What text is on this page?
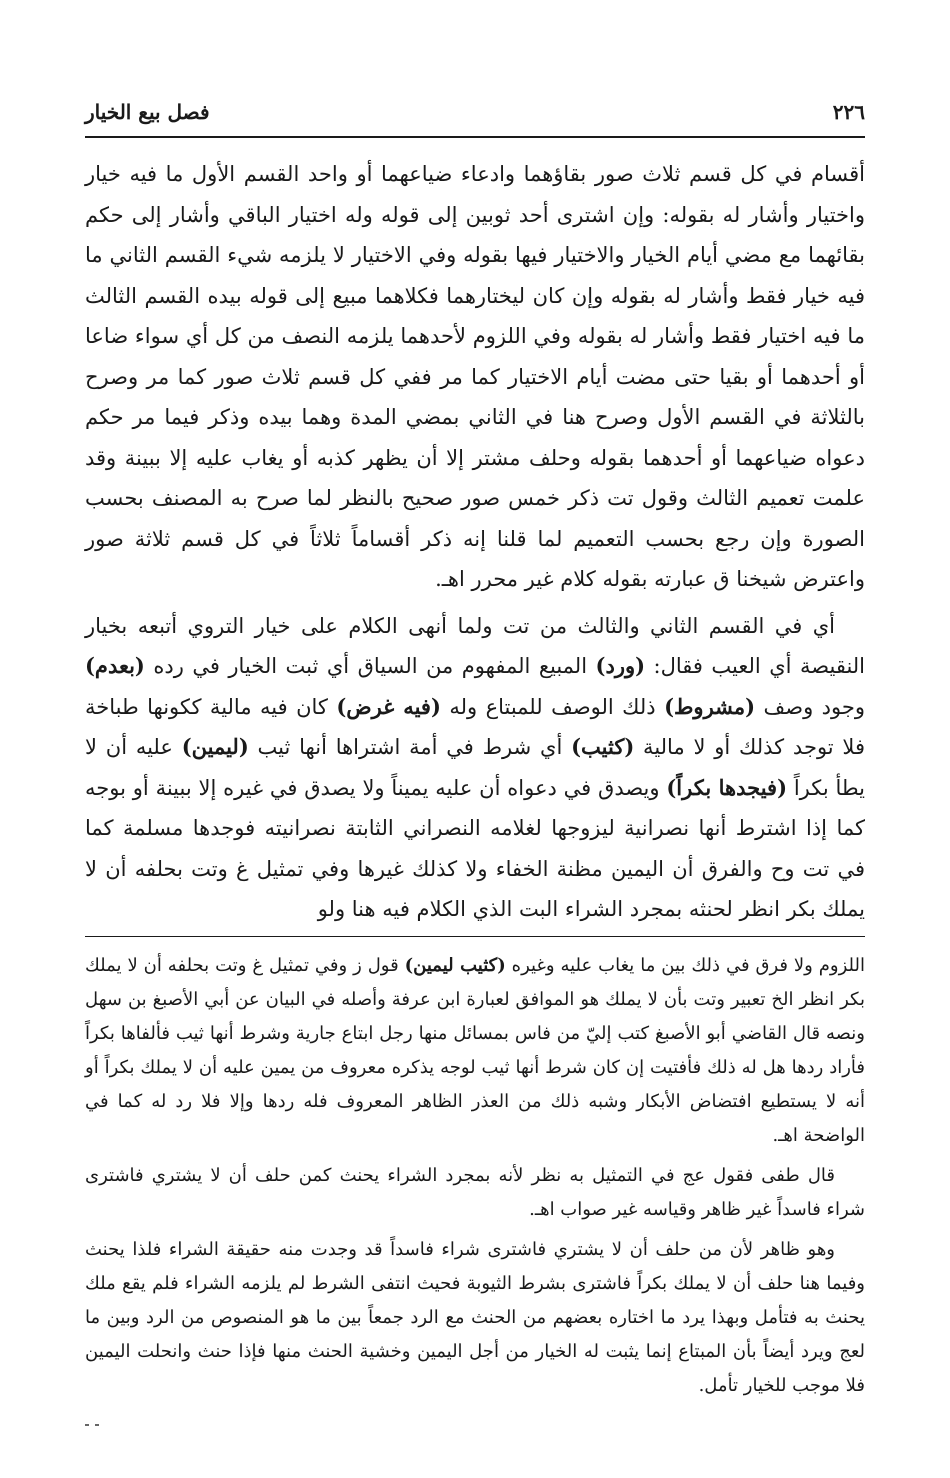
٢٢٦
فصل بيع الخيار

أقسام في كل قسم ثلاث صور بقاؤهما وادعاء ضياعهما أو واحد القسم الأول ما فيه خيار واختيار وأشار له بقوله: وإن اشترى أحد ثوبين إلى قوله وله اختيار الباقي وأشار إلى حكم بقائهما مع مضي أيام الخيار والاختيار فيها بقوله وفي الاختيار لا يلزمه شيء القسم الثاني ما فيه خيار فقط وأشار له بقوله وإن كان ليختارهما فكلاهما مبيع إلى قوله بيده القسم الثالث ما فيه اختيار فقط وأشار له بقوله وفي اللزوم لأحدهما يلزمه النصف من كل أي سواء ضاعا أو أحدهما أو بقيا حتى مضت أيام الاختيار كما مر ففي كل قسم ثلاث صور كما مر وصرح بالثلاثة في القسم الأول وصرح هنا في الثاني بمضي المدة وهما بيده وذكر فيما مر حكم دعواه ضياعهما أو أحدهما بقوله وحلف مشتر إلا أن يظهر كذبه أو يغاب عليه إلا ببينة وقد علمت تعميم الثالث وقول تت ذكر خمس صور صحيح بالنظر لما صرح به المصنف بحسب الصورة وإن رجع بحسب التعميم لما قلنا إنه ذكر أقساماً ثلاثاً في كل قسم ثلاثة صور واعترض شيخنا ق عبارته بقوله كلام غير محرر اهـ.

أي في القسم الثاني والثالث من تت ولما أنهى الكلام على خيار التروي أتبعه بخيار النقيصة أي العيب فقال: (ورد) المبيع المفهوم من السياق أي ثبت الخيار في رده (بعدم) وجود وصف (مشروط) ذلك الوصف للمبتاع وله (فيه غرض) كان فيه مالية ككونها طباخة فلا توجد كذلك أو لا مالية (كثيب) أي شرط في أمة اشتراها أنها ثيب (ليمين) عليه أن لا يطأ بكراً (فيجدها بكراً) ويصدق في دعواه أن عليه يميناً ولا يصدق في غيره إلا ببينة أو بوجه كما إذا اشترط أنها نصرانية ليزوجها لغلامه النصراني الثابتة نصرانيته فوجدها مسلمة كما في تت وح والفرق أن اليمين مظنة الخفاء ولا كذلك غيرها وفي تمثيل غ وتت بحلفه أن لا يملك بكر انظر لحنثه بمجرد الشراء البت الذي الكلام فيه هنا ولو

اللزوم ولا فرق في ذلك بين ما يغاب عليه وغيره (كثيب ليمين) قول ز وفي تمثيل غ وتت بحلفه أن لا يملك بكر انظر الخ تعبير وتت بأن لا يملك هو الموافق لعبارة ابن عرفة وأصله في البيان عن أبي الأصبغ بن سهل ونصه قال القاضي أبو الأصبغ كتب إليّ من فاس بمسائل منها رجل ابتاع جارية وشرط أنها ثيب فألفاها بكراً فأراد ردها هل له ذلك فأفتيت إن كان شرط أنها ثيب لوجه يذكره معروف من يمين عليه أن لا يملك بكراً أو أنه لا يستطيع افتضاض الأبكار وشبه ذلك من العذر الظاهر المعروف فله ردها وإلا فلا رد له كما في الواضحة اهـ.

قال طفى فقول عج في التمثيل به نظر لأنه بمجرد الشراء يحنث كمن حلف أن لا يشتري فاشترى شراء فاسداً غير ظاهر وقياسه غير صواب اهـ.

وهو ظاهر لأن من حلف أن لا يشتري فاشترى شراء فاسداً قد وجدت منه حقيقة الشراء فلذا يحنث وفيما هنا حلف أن لا يملك بكراً فاشترى بشرط الثيوبة فحيث انتفى الشرط لم يلزمه الشراء فلم يقع ملك يحنث به فتأمل وبهذا يرد ما اختاره بعضهم من الحنث مع الرد جمعاً بين ما هو المنصوص من الرد وبين ما لعج ويرد أيضاً بأن المبتاع إنما يثبت له الخيار من أجل اليمين وخشية الحنث منها فإذا حنث وانحلت اليمين فلا موجب للخيار تأمل.
